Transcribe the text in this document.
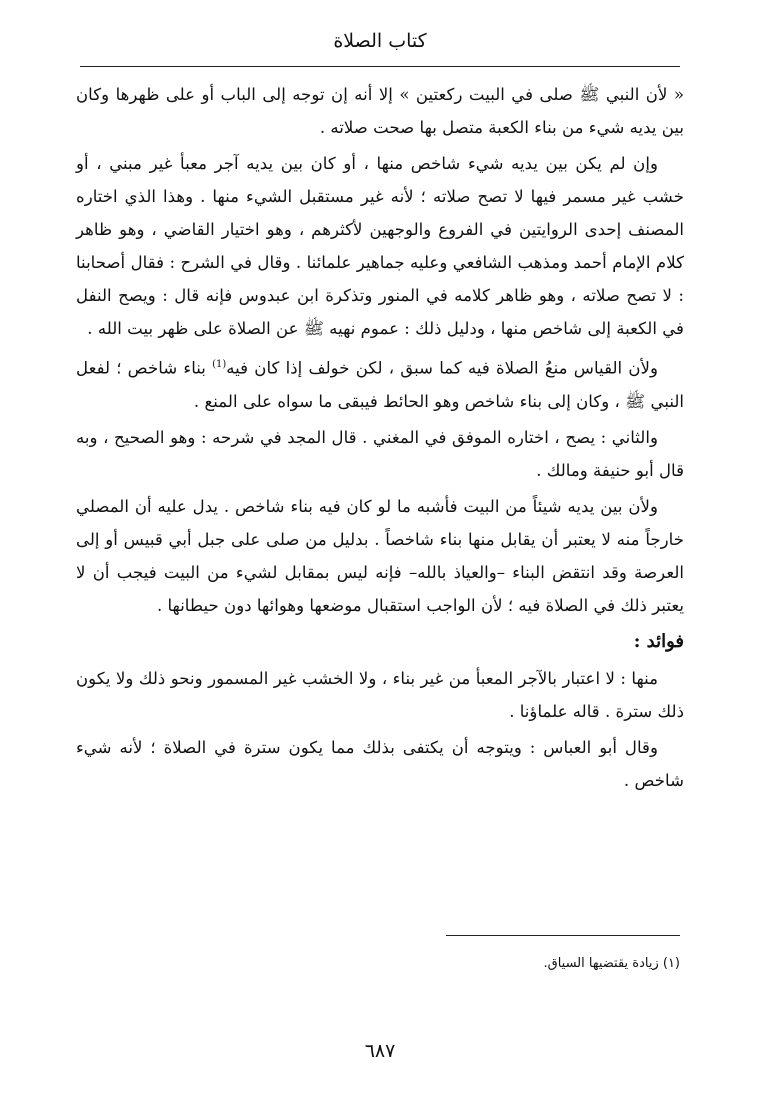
كتاب الصلاة

« لأن النبي ﷺ صلى في البيت ركعتين » إلا أنه إن توجه إلى الباب أو على ظهرها وكان بين يديه شيء من بناء الكعبة متصل بها صحت صلاته .

وإن لم يكن بين يديه شيء شاخص منها ، أو كان بين يديه آجر معبأ غير مبني ، أو خشب غير مسمر فيها لا تصح صلاته ؛ لأنه غير مستقبل الشيء منها . وهذا الذي اختاره المصنف إحدى الروايتين في الفروع والوجهين لأكثرهم ، وهو اختيار القاضي ، وهو ظاهر كلام الإمام أحمد ومذهب الشافعي وعليه جماهير علمائنا . وقال في الشرح : فقال أصحابنا : لا تصح صلاته ، وهو ظاهر كلامه في المنور وتذكرة ابن عبدوس فإنه قال : ويصح النفل في الكعبة إلى شاخص منها ، ودليل ذلك : عموم نهيه ﷺ عن الصلاة على ظهر بيت الله .

ولأن القياس منعُ الصلاة فيه كما سبق ، لكن خولف إذا كان فيه$^{(1)}$ بناء شاخص ؛ لفعل النبي ﷺ ، وكان إلى بناء شاخص وهو الحائط فيبقى ما سواه على المنع .

والثاني : يصح ، اختاره الموفق في المغني . قال المجد في شرحه : وهو الصحيح ، وبه قال أبو حنيفة ومالك .

ولأن بين يديه شيئاً من البيت فأشبه ما لو كان فيه بناء شاخص . يدل عليه أن المصلي خارجاً منه لا يعتبر أن يقابل منها بناء شاخصاً . بدليل من صلى على جبل أبي قبيس أو إلى العرصة وقد انتقض البناء –والعياذ بالله– فإنه ليس بمقابل لشيء من البيت فيجب أن لا يعتبر ذلك في الصلاة فيه ؛ لأن الواجب استقبال موضعها وهوائها دون حيطانها .

فوائد :

منها : لا اعتبار بالآجر المعبأ من غير بناء ، ولا الخشب غير المسمور ونحو ذلك ولا يكون ذلك سترة . قاله علماؤنا .

وقال أبو العباس : ويتوجه أن يكتفى بذلك مما يكون سترة في الصلاة ؛ لأنه شيء شاخص .

(١) زيادة يقتضيها السياق.
٦٨٧
